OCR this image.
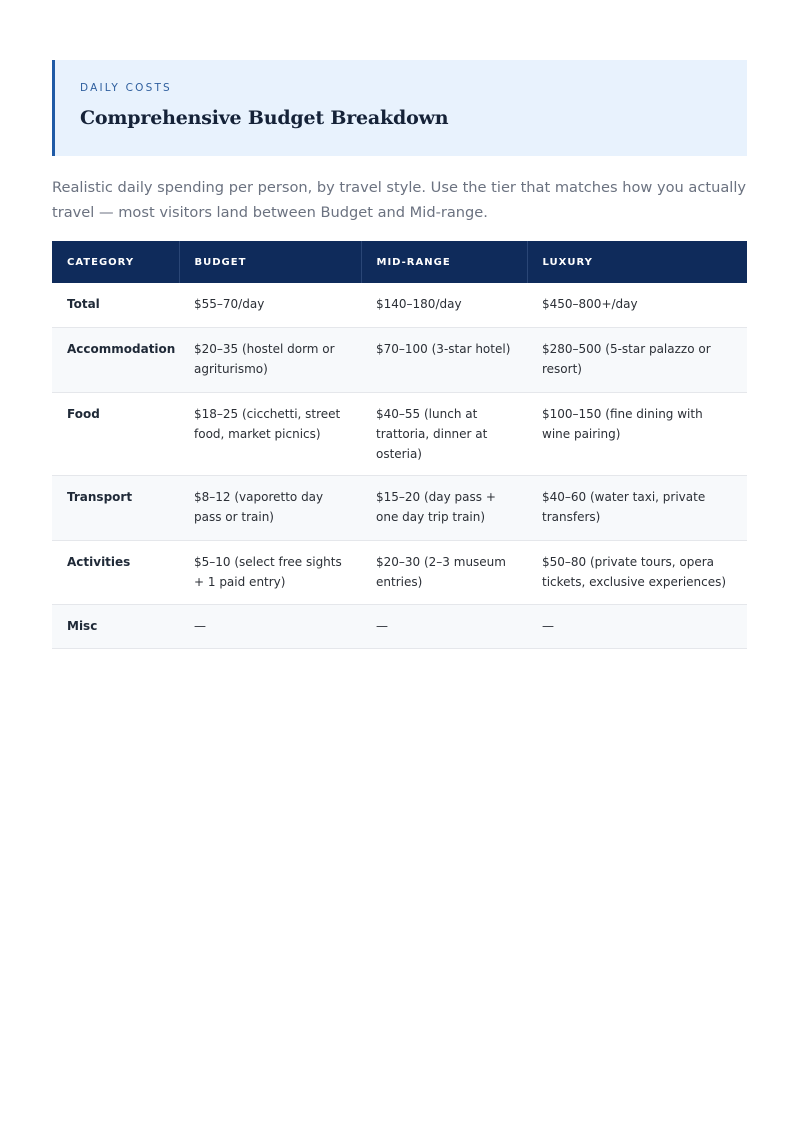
DAILY COSTS
Comprehensive Budget Breakdown

Realistic daily spending per person, by travel style. Use the tier that matches how you actually travel — most visitors land between Budget and Mid-range.

CATEGORY	BUDGET	MID-RANGE	LUXURY
Total	$55–70/day	$140–180/day	$450–800+/day
Accommodation	$20–35 (hostel dorm or agriturismo)	$70–100 (3-star hotel)	$280–500 (5-star palazzo or resort)
Food	$18–25 (cicchetti, street food, market picnics)	$40–55 (lunch at trattoria, dinner at osteria)	$100–150 (fine dining with wine pairing)
Transport	$8–12 (vaporetto day pass or train)	$15–20 (day pass + one day trip train)	$40–60 (water taxi, private transfers)
Activities	$5–10 (select free sights + 1 paid entry)	$20–30 (2–3 museum entries)	$50–80 (private tours, opera tickets, exclusive experiences)
Misc	—	—	—
